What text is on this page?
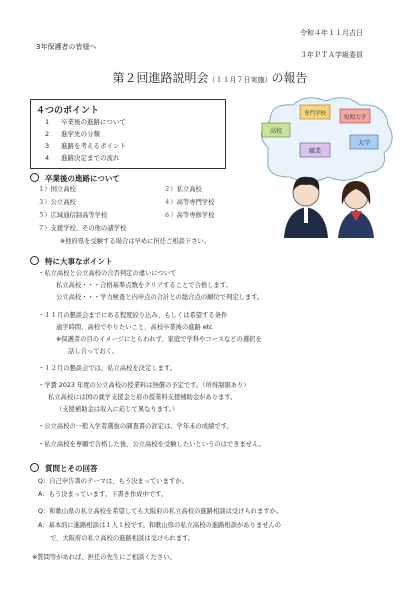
令和４年１１月吉日
3年保護者の皆様へ
３年ＰＴＡ学級委員
第２回進路説明会（１１月７日実施）の報告
４つのポイント
1 卒業後の進路について
2 進学先の分類
3 進路を考えるポイント
4 進路決定までの流れ
高校
専門学校
短期大学
大学
職業
卒業後の進路について
１）国立高校
３）公立高校
５）広域通信制高等学校
７）支援学校、その他の諸学校
２）私立高校
４）高等専門学校
６）高等専修学校
※他府県を受験する場合は早めに担任ご相談下さい。
特に大事なポイント
・私立高校と公立高校の合否判定の違いについて
私立高校・・・合格基準点数をクリアすることで合格します。
公立高校・・・学力検査と内申点の合計との総合点の順位で判定します。
・１１月の懇談会までにある程度絞り込み、もしくは希望する条件
通学時間、高校でやりたいこと、高校卒業後の進路 etc
※保護者の目のイメージにとらわれず、家庭で学科やコースなどの選択を
話し合っておく。
・１２月の懇談会では、私立高校を決定します。
・学費 2023 年度の公立高校の授業料は無償の予定です。（所得制限あり）
私立高校には国の就学支援金と府の授業料支援補助金があります。
（支援補助金は収入に応じて異なります。）
・公立高校の一般入学者選抜の調査書の評定は、学年末の成績です。
・私立高校を専願で合格した後、公立高校を受験したいというのはできません。
質問とその回答
Q：自己申告書のテーマは、もう決まっていますか。
A：もう決まっています。下書き作成中です。
Q：和歌山県の私立高校を希望しても大阪府の私立高校の進路相談は受けられますか。
A：基本的に進路相談は１人１校です。和歌山県の私立高校の進路相談がありませんの
で、大阪府の私立高校の進路相談は受けられます。
※質問等があれば、担任の先生にご相談ください。
